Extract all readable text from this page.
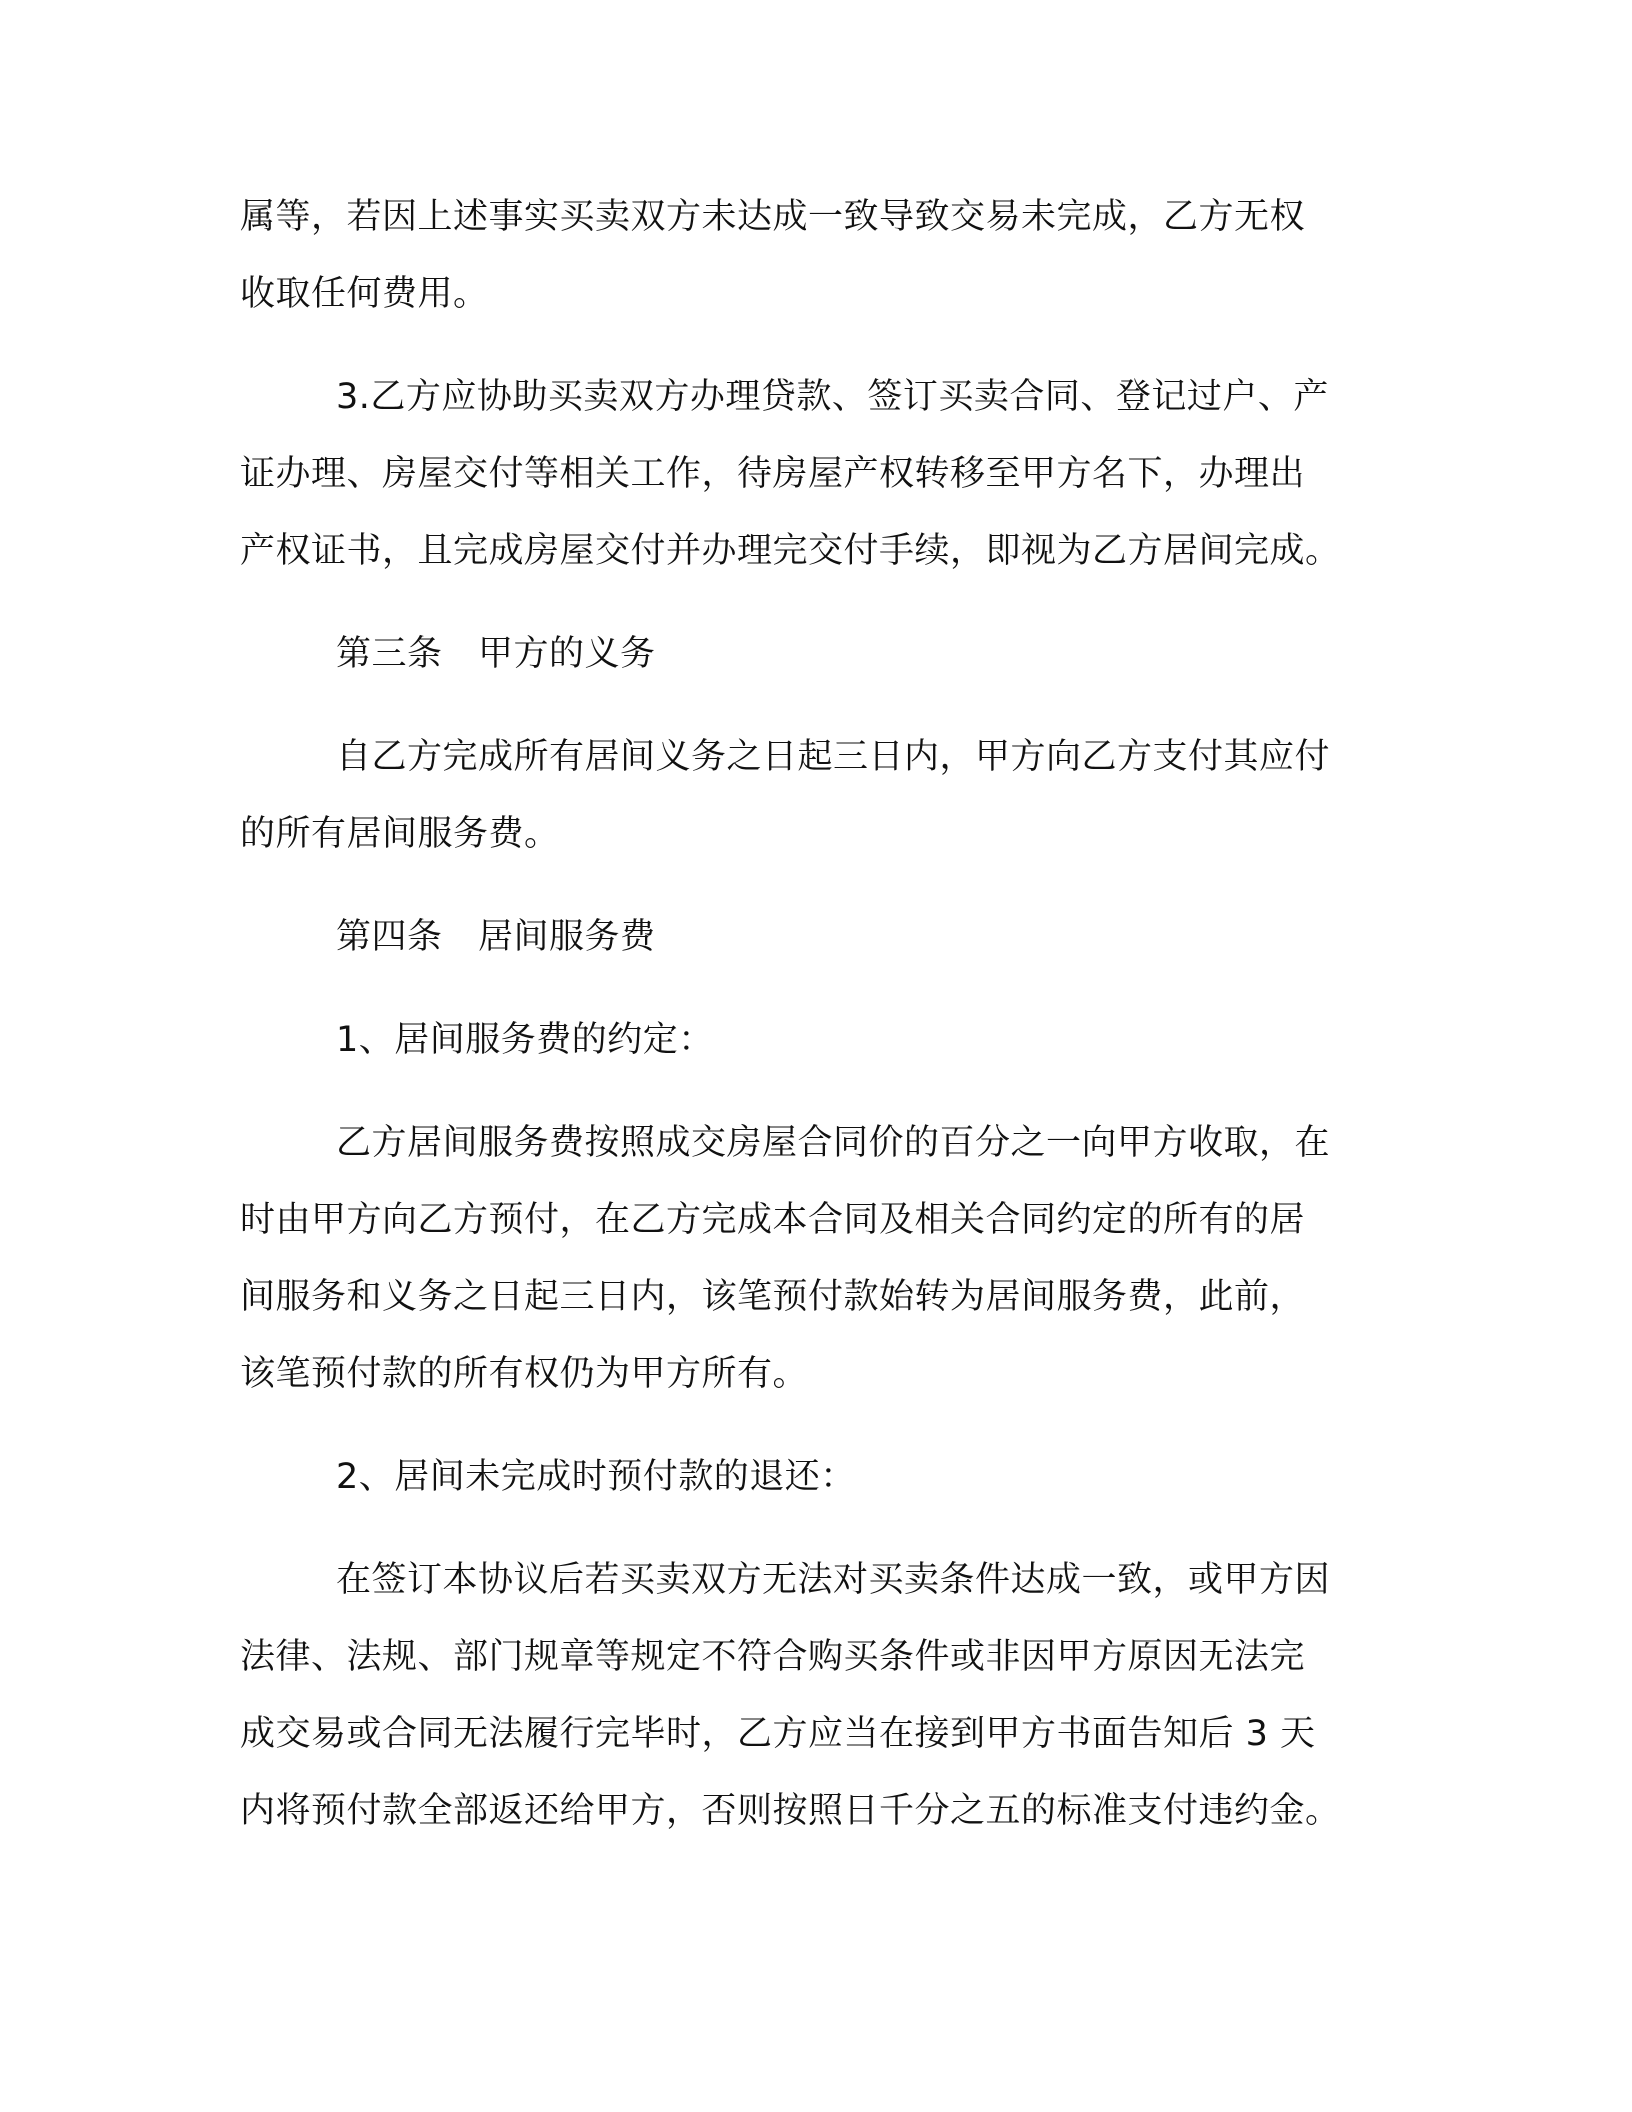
属等，若因上述事实买卖双方未达成一致导致交易未完成，乙方无权
收取任何费用。
3.乙方应协助买卖双方办理贷款、签订买卖合同、登记过户、产
证办理、房屋交付等相关工作，待房屋产权转移至甲方名下，办理出
产权证书，且完成房屋交付并办理完交付手续，即视为乙方居间完成。
第三条　甲方的义务
自乙方完成所有居间义务之日起三日内，甲方向乙方支付其应付
的所有居间服务费。
第四条　居间服务费
1、居间服务费的约定：
乙方居间服务费按照成交房屋合同价的百分之一向甲方收取，在
时由甲方向乙方预付，在乙方完成本合同及相关合同约定的所有的居
间服务和义务之日起三日内，该笔预付款始转为居间服务费，此前，
该笔预付款的所有权仍为甲方所有。
2、居间未完成时预付款的退还：
在签订本协议后若买卖双方无法对买卖条件达成一致，或甲方因
法律、法规、部门规章等规定不符合购买条件或非因甲方原因无法完
成交易或合同无法履行完毕时，乙方应当在接到甲方书面告知后 3 天
内将预付款全部返还给甲方，否则按照日千分之五的标准支付违约金。
